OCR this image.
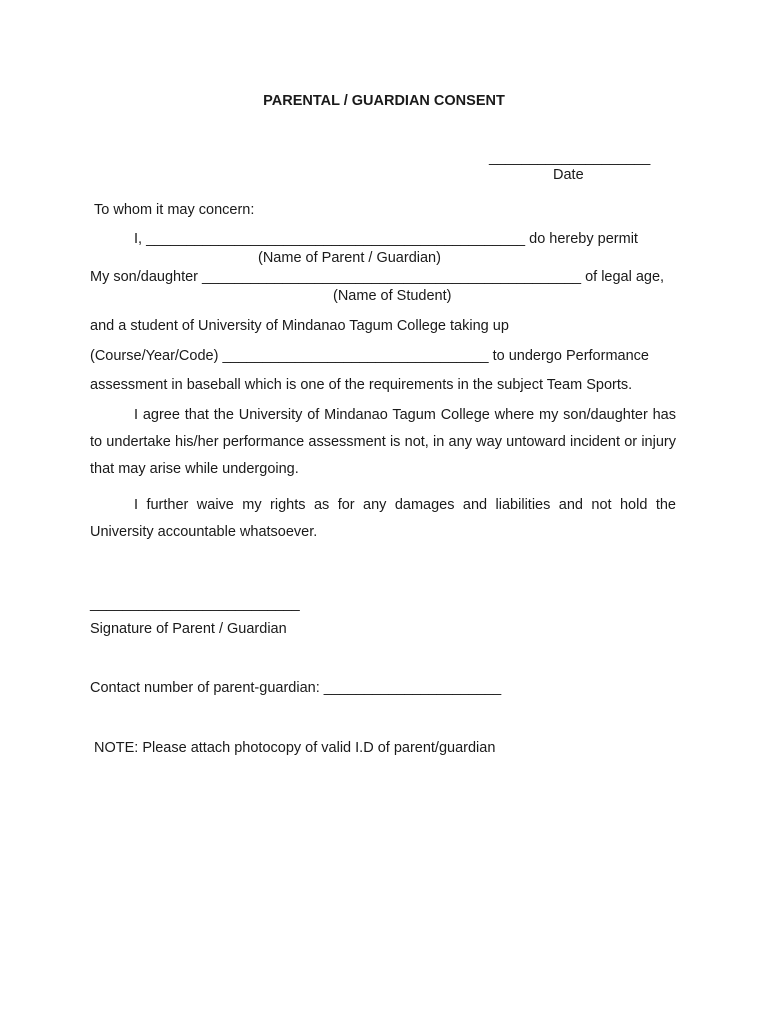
PARENTAL / GUARDIAN CONSENT
____________________
Date
To whom it may concern:
I, _______________________________________________ do hereby permit
(Name of Parent / Guardian)
My son/daughter _______________________________________________ of legal age,
(Name of Student)
and a student of University of Mindanao Tagum College taking up
(Course/Year/Code) _________________________________ to undergo Performance
assessment in baseball which is one of the requirements in the subject Team Sports.
I agree that the University of Mindanao Tagum College where my son/daughter has to undertake his/her performance assessment is not, in any way untoward incident or injury that may arise while undergoing.
I further waive my rights as for any damages and liabilities and not hold the University accountable whatsoever.
__________________________
Signature of Parent / Guardian
Contact number of parent-guardian: ______________________
NOTE: Please attach photocopy of valid I.D of parent/guardian
